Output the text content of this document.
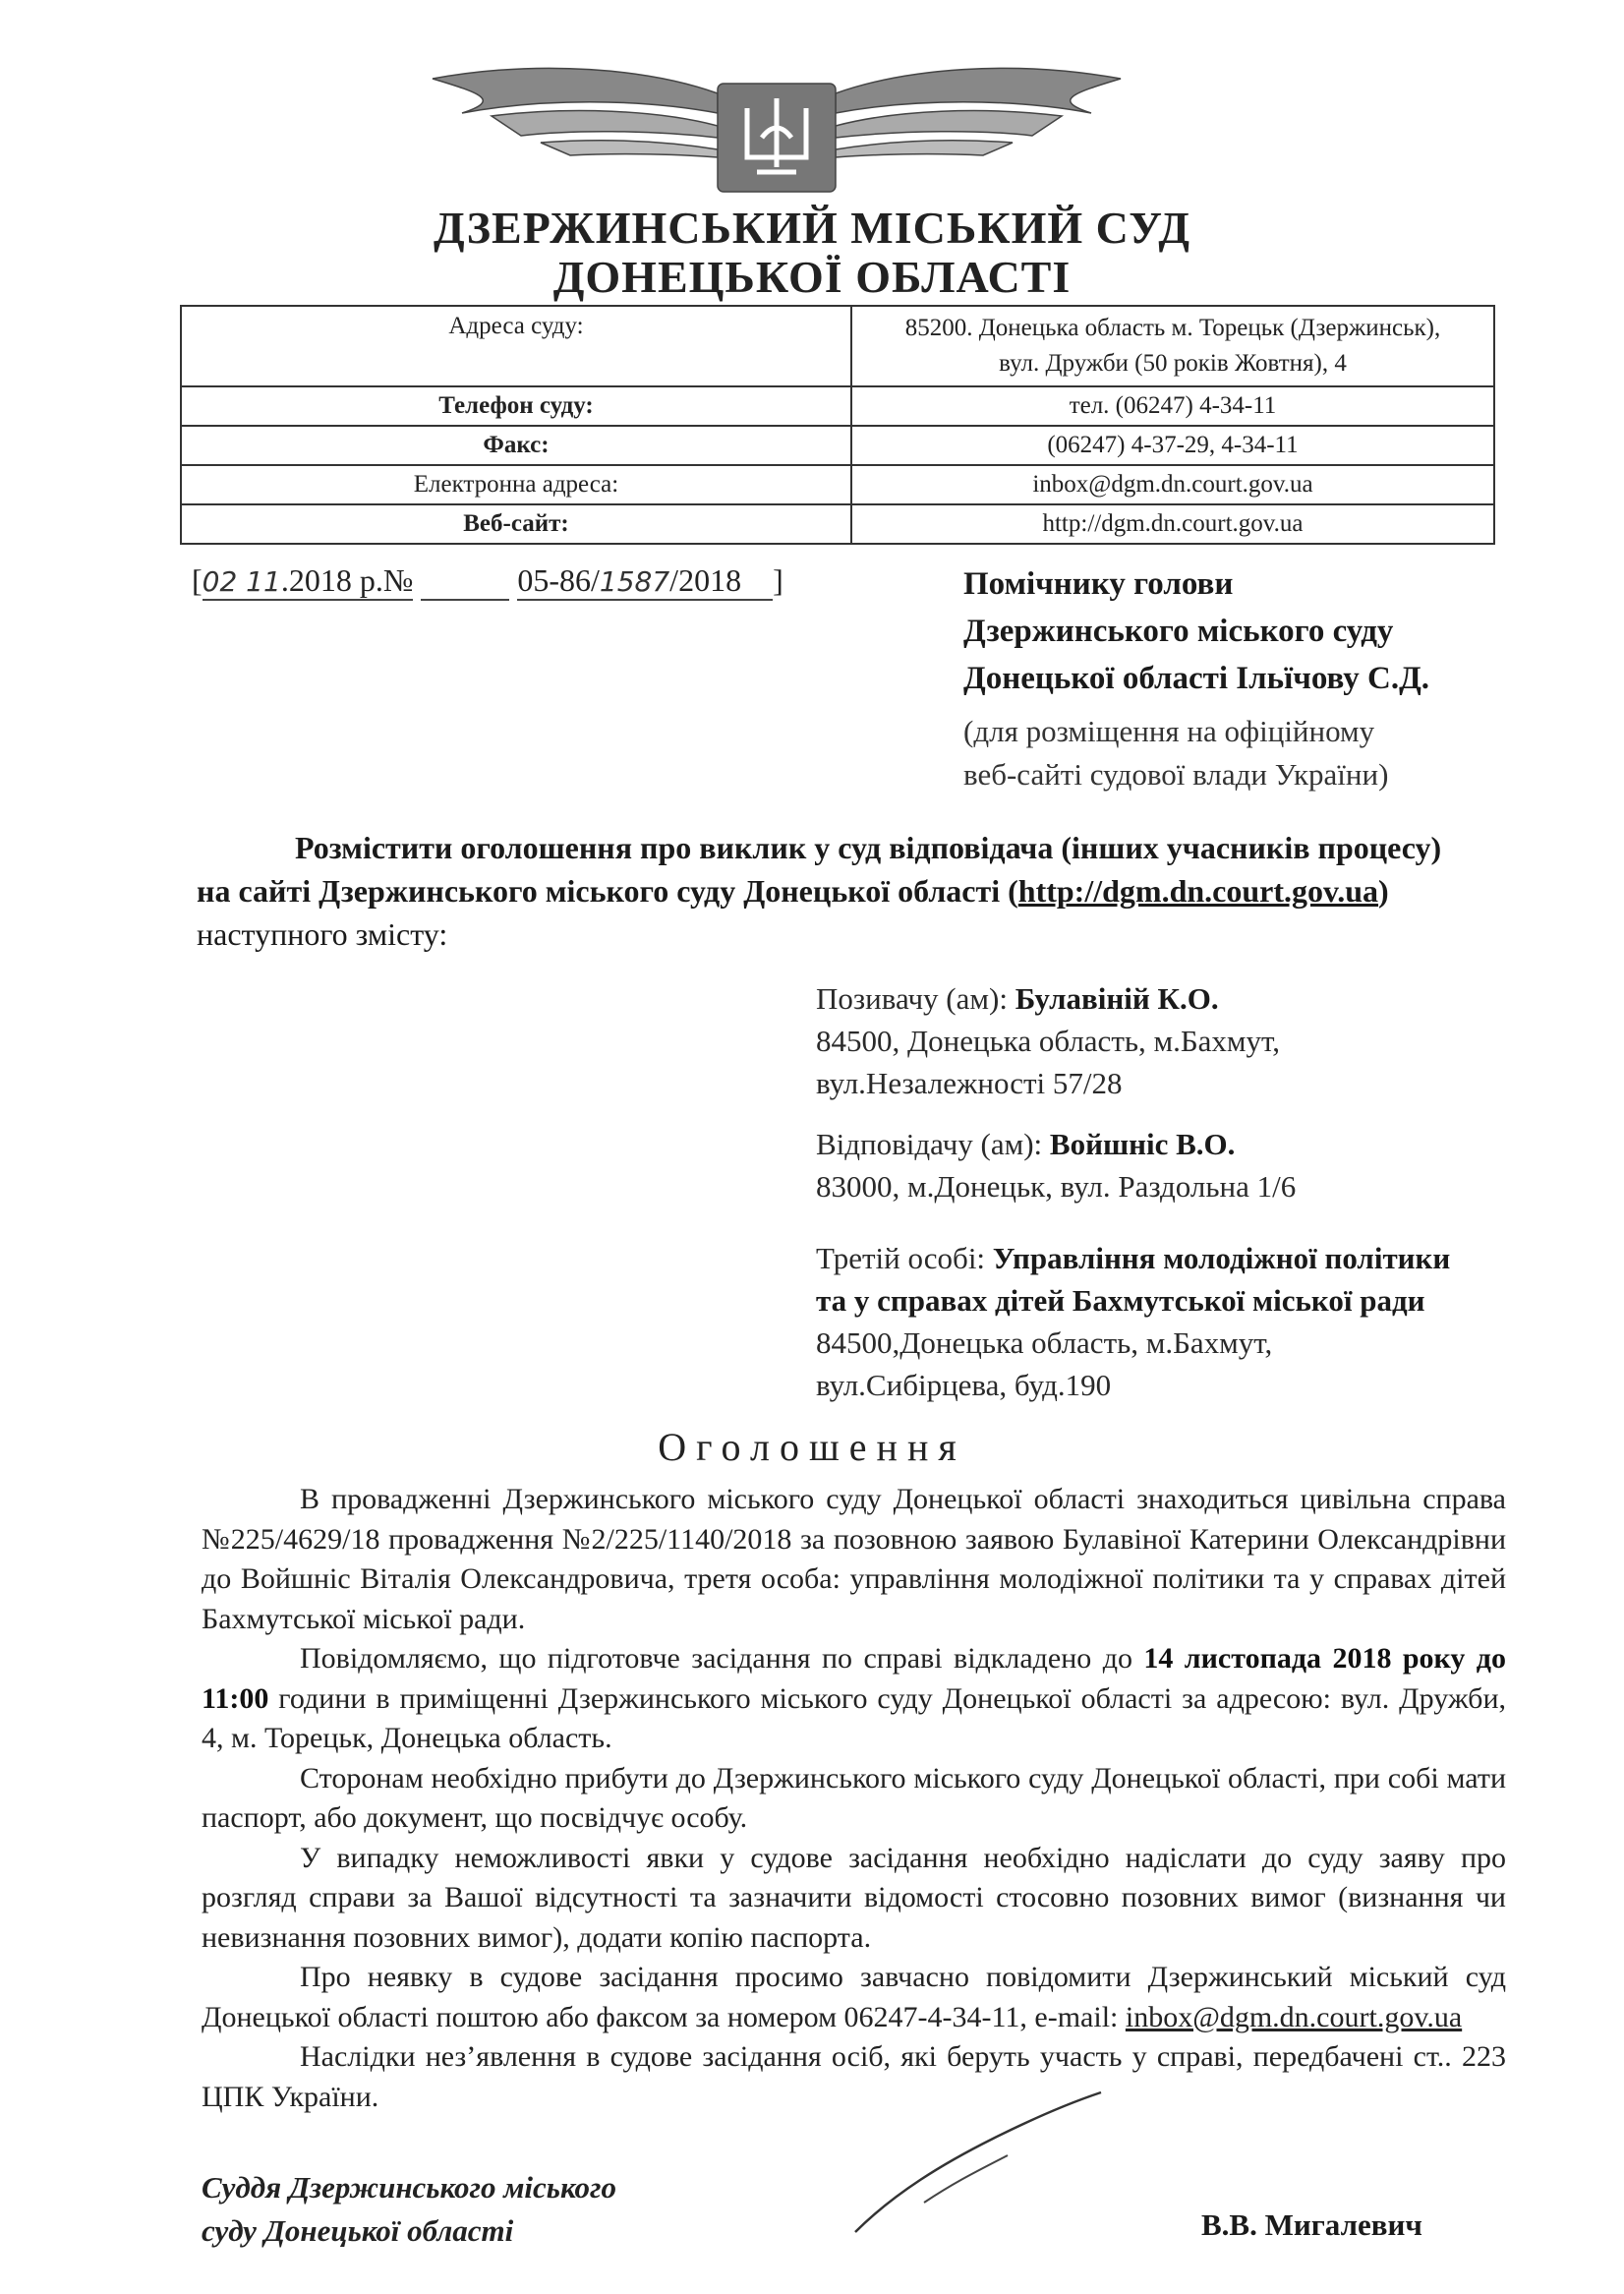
ДЗЕРЖИНСЬКИЙ МІСЬКИЙ СУД
ДОНЕЦЬКОЇ ОБЛАСТІ
Адреса суду:	85200. Донецька область м. Торецьк (Дзержинськ),
вул. Дружби (50 років Жовтня), 4

Телефон суду:	тел. (06247) 4-34-11
Факс:	(06247) 4-37-29, 4-34-11
Електронна адреса:	inbox@dgm.dn.court.gov.ua
Веб-сайт:	http://dgm.dn.court.gov.ua
[02 11.2018 р.№	05-86/1587/2018 ]	Помічнику голови
Дзержинського міського суду
Донецької області Ільїчову С.Д.
(для розміщення на офіційному
веб-сайті судової влади України)
Розмістити оголошення про виклик у суд відповідача (інших учасників процесу)
на сайті Дзержинського міського суду Донецької області (http://dgm.dn.court.gov.ua)
наступного змісту:
Позивачу (ам): Булавіній К.О.
84500, Донецька область, м.Бахмут,
вул.Незалежності 57/28
Відповідачу (ам): Войшніс В.О.
83000, м.Донецьк, вул. Раздольна 1/6
Третій особі: Управління молодіжної політики
та у справах дітей Бахмутської міської ради
84500,Донецька область, м.Бахмут,
вул.Сибірцева, буд.190
Оголошення

В провадженні Дзержинського міського суду Донецької області знаходиться цивільна справа №225/4629/18 провадження №2/225/1140/2018 за позовною заявою Булавіної Катерини Олександрівни до Войшніс Віталія Олександровича, третя особа: управління молодіжної політики та у справах дітей Бахмутської міської ради.

Повідомляємо, що підготовче засідання по справі відкладено до 14 листопада 2018 року до 11:00 години в приміщенні Дзержинського міського суду Донецької області за адресою: вул. Дружби, 4, м. Торецьк, Донецька область.

Сторонам необхідно прибути до Дзержинського міського суду Донецької області, при собі мати паспорт, або документ, що посвідчує особу.

У випадку неможливості явки у судове засідання необхідно надіслати до суду заяву про розгляд справи за Вашої відсутності та зазначити відомості стосовно позовних вимог (визнання чи невизнання позовних вимог), додати копію паспорта.

Про неявку в судове засідання просимо завчасно повідомити Дзержинський міський суд Донецької області поштою або факсом за номером 06247-4-34-11, e-mail: inbox@dgm.dn.court.gov.ua

Наслідки нез’явлення в судове засідання осіб, які беруть участь у справі, передбачені ст.. 223 ЦПК України.

Суддя Дзержинського міського
суду Донецької області	В.В. Мигалевич
